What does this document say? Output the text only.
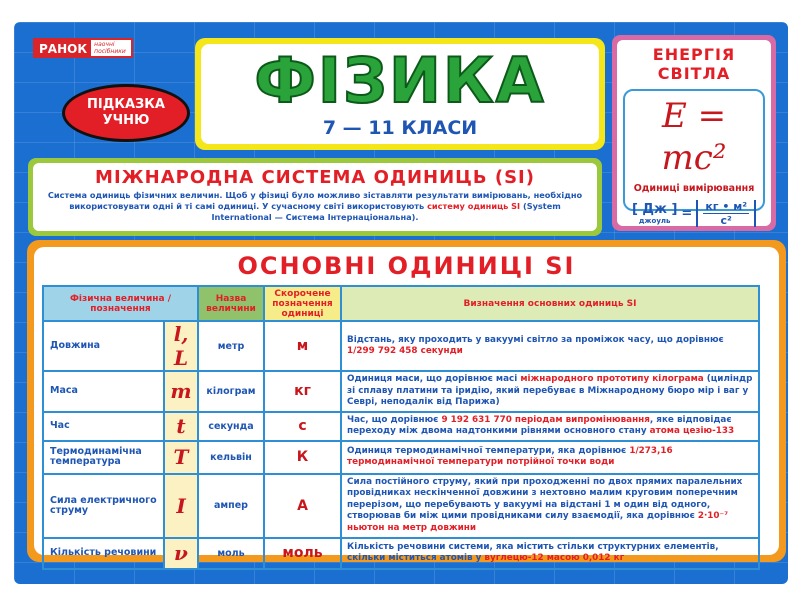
РАНОК	наочні посібники
ПІДКАЗКА УЧНЮ
ФІЗИКА
7 — 11 КЛАСИ
ЕНЕРГІЯ
СВІТЛА
E = mc²
Одиниці вимірювання
[ Дж ]
джоуль = $\frac{\text{кг • м²}}{\text{с²}}$
МІЖНАРОДНА СИСТЕМА ОДИНИЦЬ (SI)
Система одиниць фізичних величин. Щоб у фізиці було можливо зіставляти результати вимірювань, необхідно використовувати одні й ті самі одиниці. У сучасному світі використовують систему одиниць SI (System International — Система Інтернаціональна).
ОСНОВНІ ОДИНИЦІ SI
Фізична величина / позначення		Назва величини	Скорочене позначення одиниці	Визначення основних одиниць SI
Довжина	l, L	метр	м	Відстань, яку проходить у вакуумі світло за проміжок часу, що дорівнює 1/299 792 458 секунди
Маса	m	кілограм	кг	Одиниця маси, що дорівнює масі міжнародного прототипу кілограма (циліндр зі сплаву платини та іридію, який перебуває в Міжнародному бюро мір і ваг у Севрі, неподалік від Парижа)
Час	t	секунда	с	Час, що дорівнює 9 192 631 770 періодам випромінювання, яке відповідає переходу між двома надтонкими рівнями основного стану атома цезію-133
Термодинамічна температура	T	кельвін	К	Одиниця термодинамічної температури, яка дорівнює 1/273,16 термодинамічної температури потрійної точки води
Сила електричного струму	I	ампер	А	Сила постійного струму, який при проходженні по двох прямих паралельних провідниках нескінченної довжини з нехтовно малим круговим поперечним перерізом, що перебувають у вакуумі на відстані 1 м один від одного, створював би між цими провідниками силу взаємодії, яка дорівнює 2·10⁻⁷ ньютон на метр довжини
Кількість речовини	ν	моль	моль	Кількість речовини системи, яка містить стільки структурних елементів, скільки міститься атомів у вуглецю-12 масою 0,012 кг
